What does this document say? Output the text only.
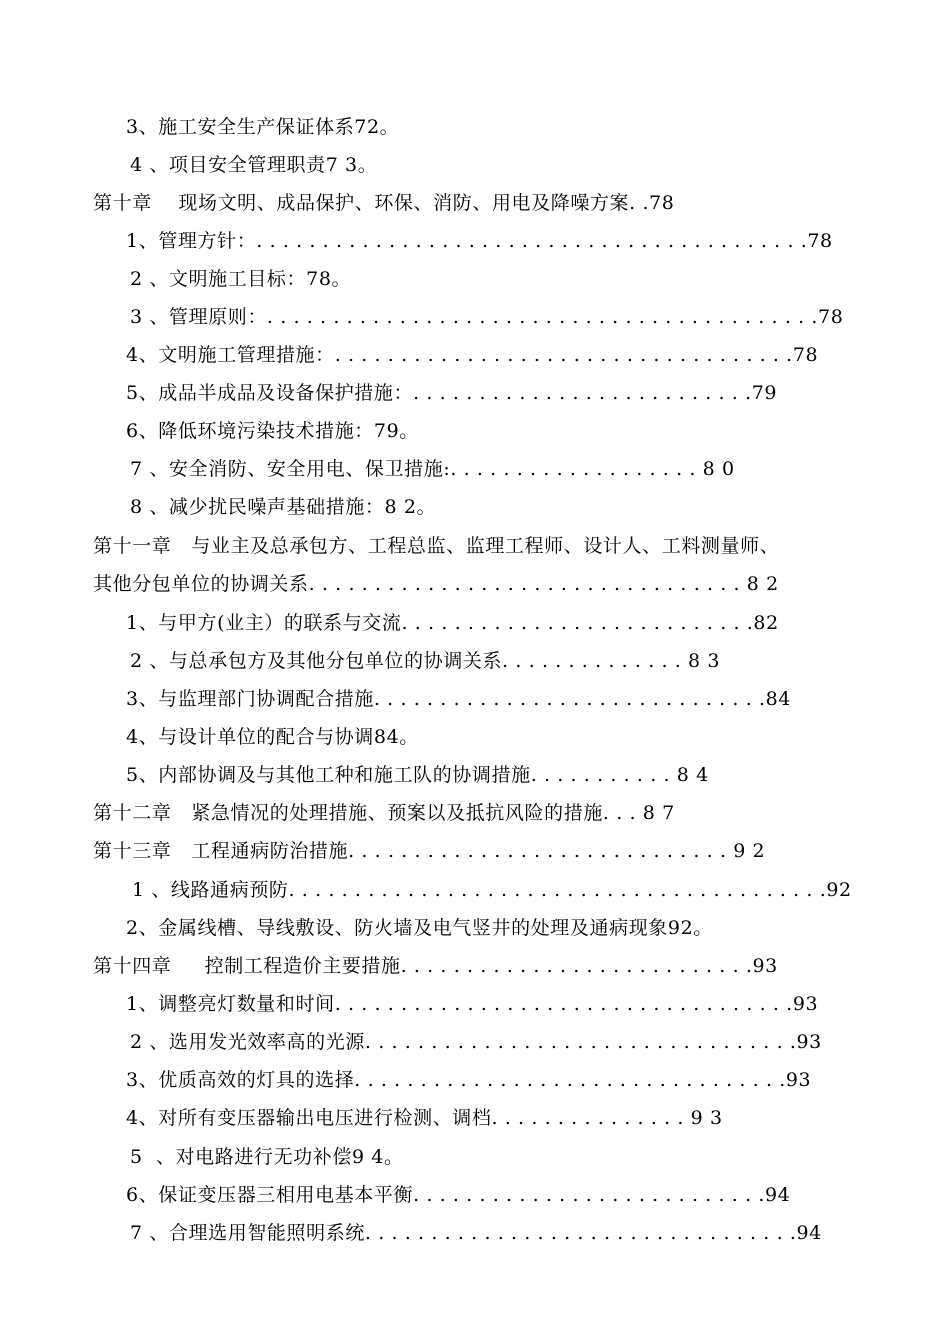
3、施工安全生产保证体系72。
4 、项目安全管理职责7 3。
第十章    现场文明、成品保护、环保、消防、用电及降噪方案. .78
1、管理方针：. . . . . . . . . . . . . . . . . . . . . . . . . . . . . . . . . . . . . . . . . .78
2 、文明施工目标：78。
3 、管理原则：. . . . . . . . . . . . . . . . . . . . . . . . . . . . . . . . . . . . . . . . . .78
4、文明施工管理措施：. . . . . . . . . . . . . . . . . . . . . . . . . . . . . . . . . . .78
5、成品半成品及设备保护措施：. . . . . . . . . . . . . . . . . . . . . . . . . .79
6、降低环境污染技术措施：79。
7 、安全消防、安全用电、保卫措施:. . . . . . . . . . . . . . . . . . . 8 0
8 、减少扰民噪声基础措施：8 2。
第十一章   与业主及总承包方、工程总监、监理工程师、设计人、工料测量师、
其他分包单位的协调关系. . . . . . . . . . . . . . . . . . . . . . . . . . . . . . . . . 8 2
1、与甲方(业主）的联系与交流. . . . . . . . . . . . . . . . . . . . . . . . . . .82
2 、与总承包方及其他分包单位的协调关系. . . . . . . . . . . . . . 8 3
3、与监理部门协调配合措施. . . . . . . . . . . . . . . . . . . . . . . . . . . . . .84
4、与设计单位的配合与协调84。
5、内部协调及与其他工种和施工队的协调措施. . . . . . . . . . . 8 4
第十二章   紧急情况的处理措施、预案以及抵抗风险的措施. . . 8 7
第十三章   工程通病防治措施. . . . . . . . . . . . . . . . . . . . . . . . . . . . . 9 2
1 、线路通病预防. . . . . . . . . . . . . . . . . . . . . . . . . . . . . . . . . . . . . . . . .92
2、金属线槽、导线敷设、防火墙及电气竖井的处理及通病现象92。
第十四章     控制工程造价主要措施. . . . . . . . . . . . . . . . . . . . . . . . . . .93
1、调整亮灯数量和时间. . . . . . . . . . . . . . . . . . . . . . . . . . . . . . . . . . .93
2 、选用发光效率高的光源. . . . . . . . . . . . . . . . . . . . . . . . . . . . . . . . .93
3、优质高效的灯具的选择. . . . . . . . . . . . . . . . . . . . . . . . . . . . . . . . .93
4、对所有变压器输出电压进行检测、调档. . . . . . . . . . . . . . . 9 3
5  、对电路进行无功补偿9 4。
6、保证变压器三相用电基本平衡. . . . . . . . . . . . . . . . . . . . . . . . . . .94
7 、合理选用智能照明系统. . . . . . . . . . . . . . . . . . . . . . . . . . . . . . . . .94
